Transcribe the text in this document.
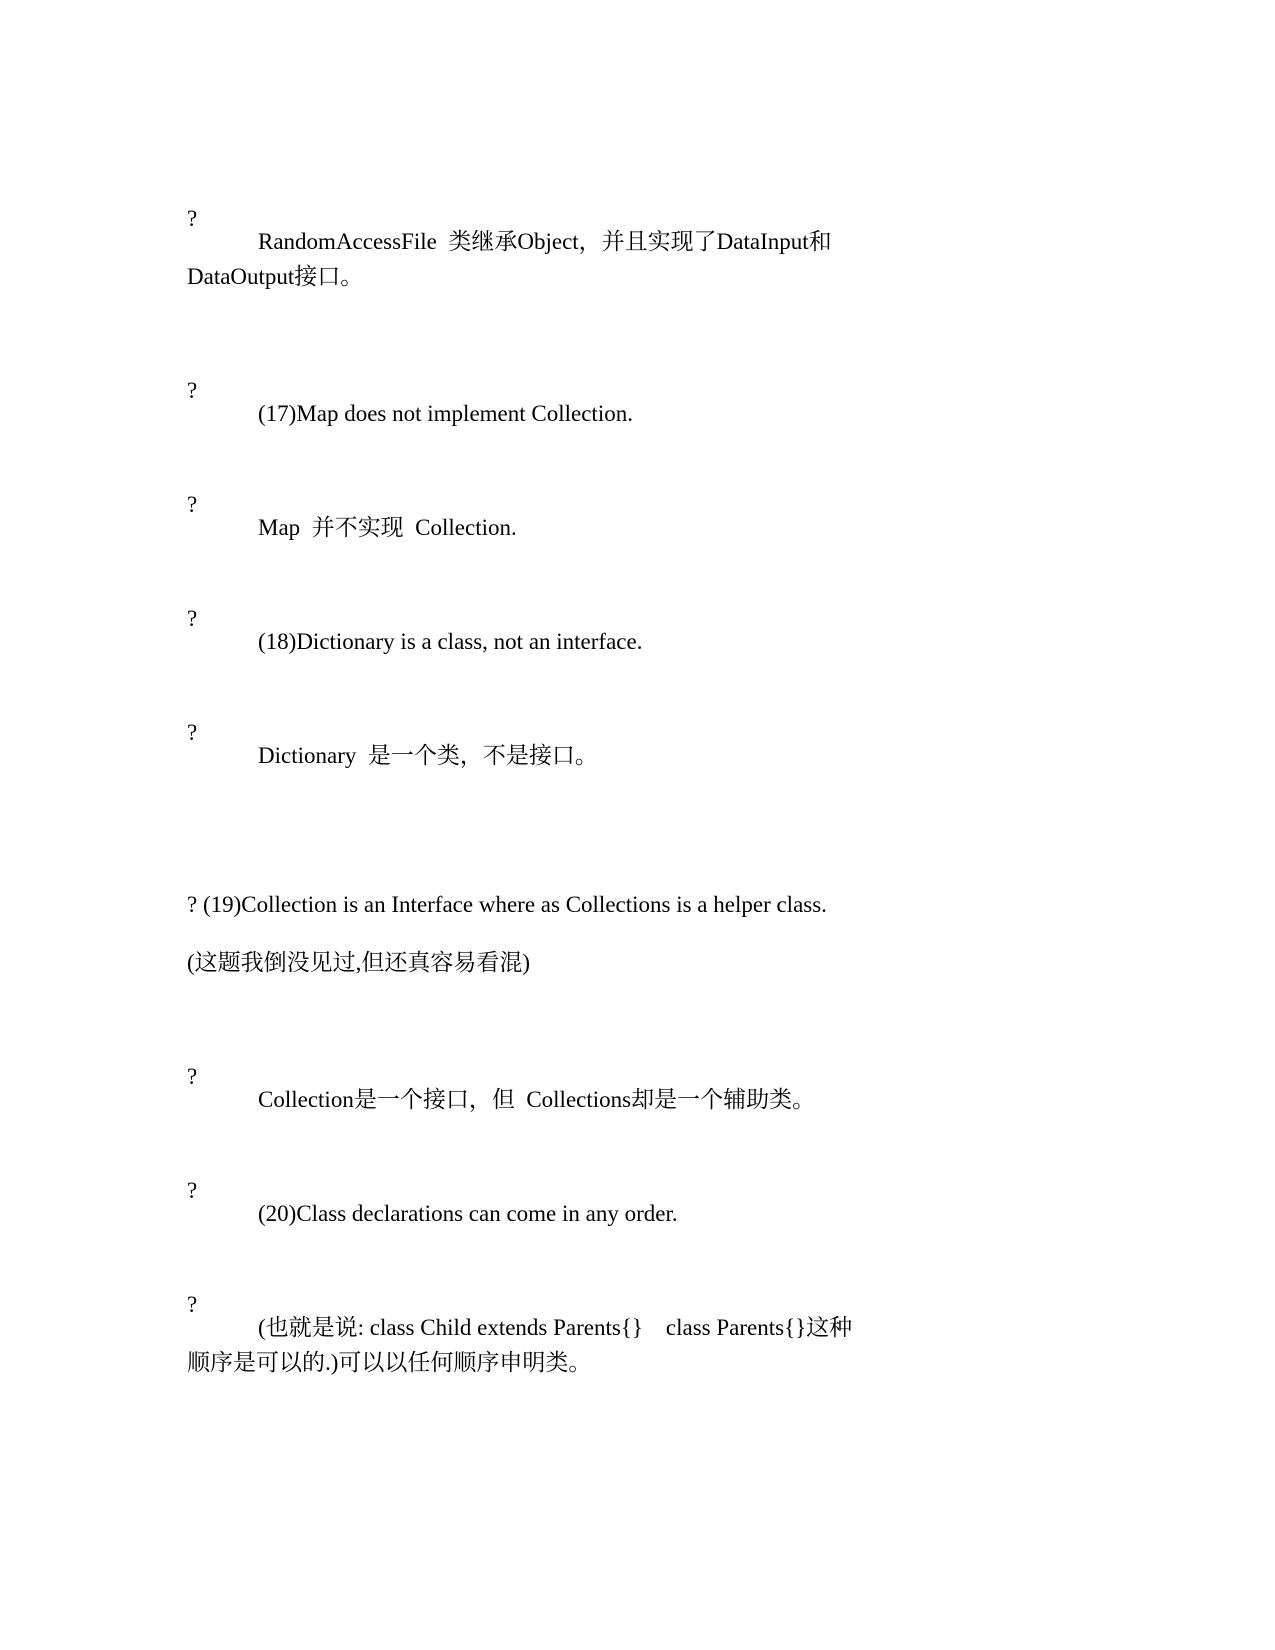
?

RandomAccessFile  类继承Object，并且实现了DataInput和

DataOutput接口。

?

(17)Map does not implement Collection.

?

Map  并不实现  Collection.

?

(18)Dictionary is a class, not an interface.

?

Dictionary  是一个类，不是接口。

? (19)Collection is an Interface where as Collections is a helper class.

(这题我倒没见过,但还真容易看混)

?

Collection是一个接口，但  Collections却是一个辅助类。

?

(20)Class declarations can come in any order.

?

(也就是说: class Child extends Parents{}    class Parents{}这种

顺序是可以的.)可以以任何顺序申明类。
